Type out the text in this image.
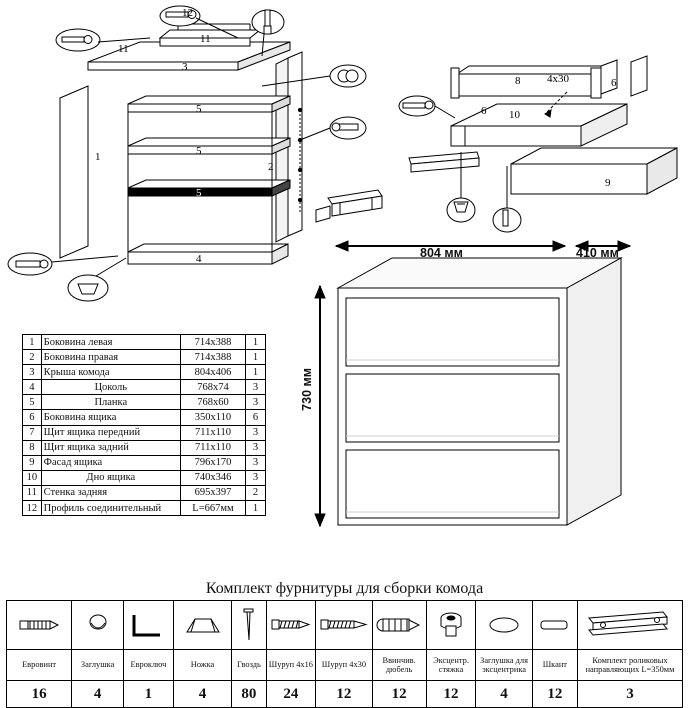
12
11
11
3
5
5
5
1
2
4
8 4х30	6
6 10
9
804 мм	410 мм
730 мм
1	Боковина левая	714х388	1
2	Боковина правая	714х388	1
3	Крыша комода	804х406	1
4	Цоколь	768х74	3
5	Планка	768х60	3
6	Боковина ящика	350х110	6
7	Щит ящика передний	711х110	3
8	Щит ящика задний	711х110	3
9	Фасад ящика	796х170	3
10	Дно ящика	740х346	3
11	Стенка задняя	695х397	2
12	Профиль соединительный	L=667мм	1
Комплект фурнитуры для сборки комода

Евровинт	Заглушка	Евроключ	Ножка	Гвоздь	Шуруп 4х16	Шуруп 4х30	Ввинчив. дюбель	Эксцентр. стяжка	Заглушка для эксцентрика	Шкант	Комплект роликовых направляющих L=350мм
16	4	1	4	80	24	12	12	12	4	12	3
